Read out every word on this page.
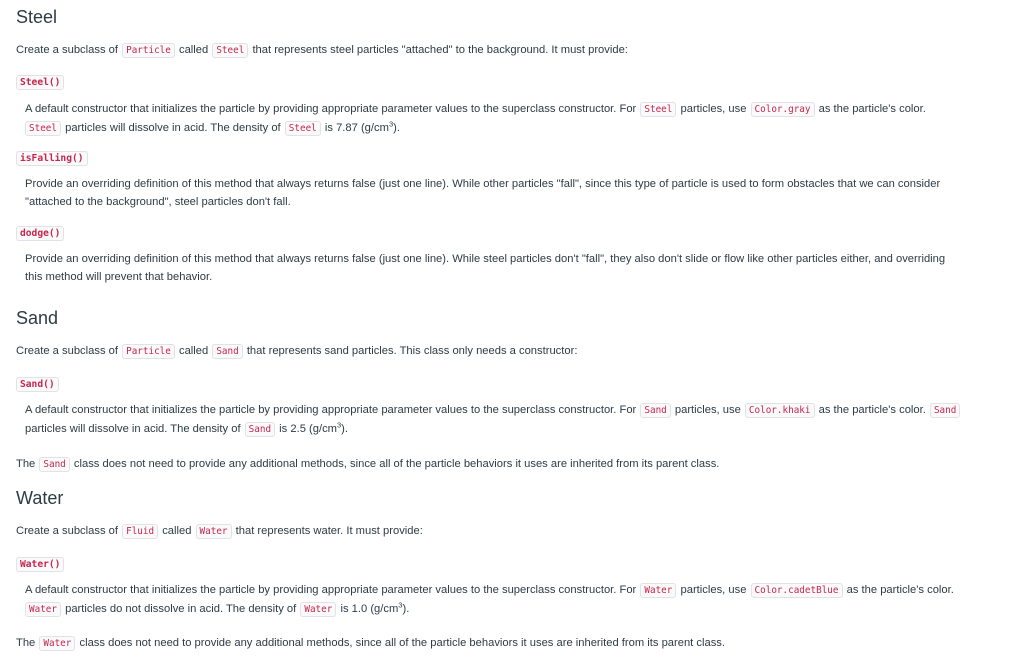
Steel
Create a subclass of Particle called Steel that represents steel particles "attached" to the background. It must provide:
Steel()
A default constructor that initializes the particle by providing appropriate parameter values to the superclass constructor. For Steel particles, use Color.gray as the particle's color.
Steel particles will dissolve in acid. The density of Steel is 7.87 $(g/cm^3)$.
isFalling()
Provide an overriding definition of this method that always returns false (just one line). While other particles "fall", since this type of particle is used to form obstacles that we can consider
"attached to the background", steel particles don't fall.
dodge()
Provide an overriding definition of this method that always returns false (just one line). While steel particles don't "fall", they also don't slide or flow like other particles either, and overriding
this method will prevent that behavior.
Sand
Create a subclass of Particle called Sand that represents sand particles. This class only needs a constructor:
Sand()
A default constructor that initializes the particle by providing appropriate parameter values to the superclass constructor. For Sand particles, use Color.khaki as the particle's color. Sand
particles will dissolve in acid. The density of Sand is 2.5 $(g/cm^3)$.
The Sand class does not need to provide any additional methods, since all of the particle behaviors it uses are inherited from its parent class.
Water
Create a subclass of Fluid called Water that represents water. It must provide:
Water()
A default constructor that initializes the particle by providing appropriate parameter values to the superclass constructor. For Water particles, use Color.cadetBlue as the particle's color.
Water particles do not dissolve in acid. The density of Water is 1.0 $(g/cm^3)$.
The Water class does not need to provide any additional methods, since all of the particle behaviors it uses are inherited from its parent class.
